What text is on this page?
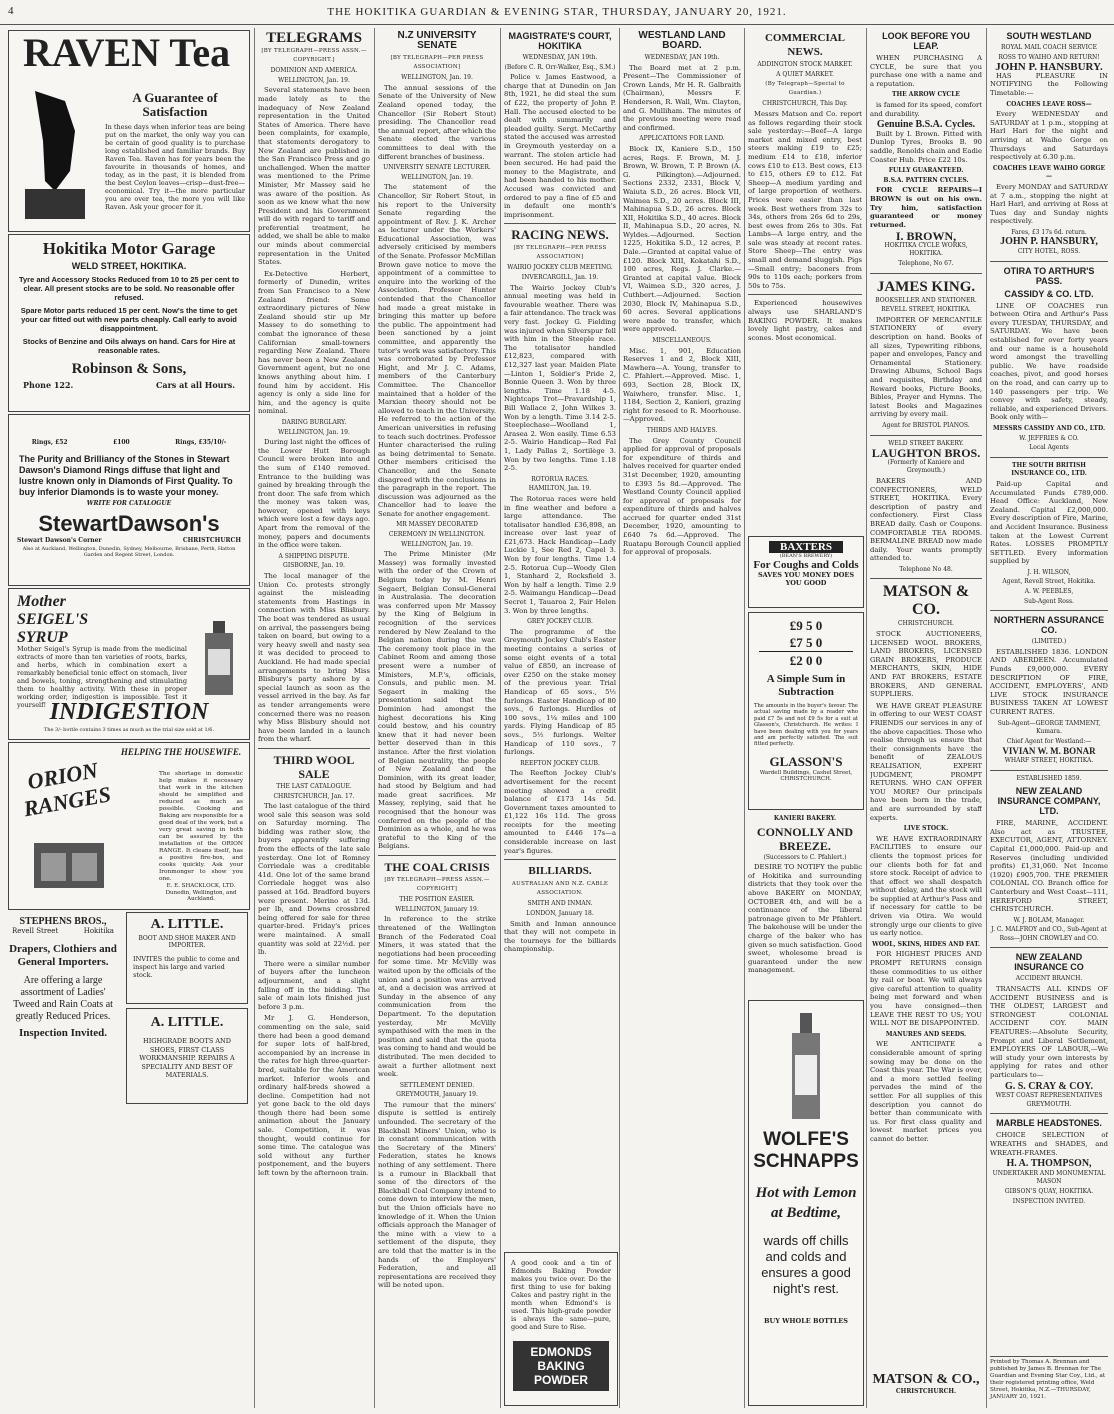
4	THE HOKITIKA GUARDIAN & EVENING STAR, THURSDAY, JANUARY 20, 1921.
RAVEN Tea
A Guarantee of Satisfaction
In these days when inferior teas are being put on the market, the only way you can be certain of good quality is to purchase long established and familiar brands. Buy Raven Tea. Raven has for years been the favourite in thousands of homes, and today, as in the past, it is blended from the best Ceylon leaves—crisp—dust-free—economical. Try it—the more particular you are over tea, the more you will like Raven. Ask your grocer for it.
Hokitika Motor Garage
WELD STREET, HOKITIKA.
Tyre and Accessory Stocks Reduced from 10 to 25 per cent to clear. All present stocks are to be sold. No reasonable offer refused.
Spare Motor parts reduced 15 per cent. Now's the time to get your car fitted out with new parts cheaply. Call early to avoid disappointment.
Stocks of Benzine and Oils always on hand. Cars for Hire at reasonable rates.
Robinson & Sons,
Phone 122.	Cars at all Hours.
Rings, £52	£100	Rings, £35/10/-
The Purity and Brilliancy of the Stones in Stewart Dawson's Diamond Rings diffuse that light and lustre known only in Diamonds of First Quality. To buy inferior Diamonds is to waste your money.
WRITE FOR CATALOGUE
StewartDawson's
Stewart Dawson's Corner	CHRISTCHURCH
Also at Auckland, Wellington, Dunedin, Sydney, Melbourne, Brisbane, Perth, Hatton Garden and Regent Street, London.
Mother SEIGEL'S SYRUP
Mother Seigel's Syrup is made from the medicinal extracts of more than ten varieties of roots, barks, and herbs, which in combination exert a remarkably beneficial tonic effect on stomach, liver and bowels, toning, strengthening and stimulating them to healthy activity. With these in proper working order, indigestion is impossible. Test it yourself! INDIGESTION
The 3/- bottle contains 3 times as much as the trial size sold at 1/6.
ORION RANGES
HELPING THE HOUSEWIFE.
The shortage in domestic help makes it necessary that work in the kitchen should be simplified and reduced as much as possible. Cooking and Baking are responsible for a good deal of the work, but a very great saving in both can be assured by the installation of the ORION RANGE. It cleans itself, has a positive fire-box, and cooks quickly. Ask your Ironmonger to show you one.
E. E. SHACKLOCK, LTD. Dunedin, Wellington, and Auckland.
STEPHENS BROS.,
Revell Street	Hokitika
Drapers, Clothiers and General Importers.
Are offering a large assortment of Ladies' Tweed and Rain Coats at greatly Reduced Prices.
Inspection Invited.
A. LITTLE.
BOOT AND SHOE MAKER AND IMPORTER.
INVITES the public to come and inspect his large and varied stock.
A. LITTLE.
HIGHGRADE BOOTS AND SHOES, FIRST CLASS WORKMANSHIP. REPAIRS A SPECIALITY AND BEST OF MATERIALS.
TELEGRAMS
[BY TELEGRAPH—PRESS ASSN.—COPYRIGHT.]
DOMINION AND AMERICA.
WELLINGTON, Jan. 19.

Several statements have been made lately as to the inadequacy of New Zealand representation in the United States of America. There have been complaints, for example, that statements derogatory to New Zealand are published in the San Francisco Press and go unchallenged. When the matter was mentioned to the Prime Minister, Mr Massey said he was aware of the position. As soon as we knew what the new President and his Government will do with regard to tariff and preferential treatment, he added, we shall be able to make our minds about commercial representation in the United States.

Ex-Detective Herbert, formerly of Dunedin, writes from San Francisco to a New Zealand friend: Some extraordinary pictures of New Zealand should stir up Mr Massey to do something to combat the ignorance of these Californian small-towners regarding New Zealand. There has never been a New Zealand Government agent, but no one knows anything about him. I found him by accident. His agency is only a side line for him, and the agency is quite nominal.

DARING BURGLARY.
WELLINGTON, Jan. 19.

During last night the offices of the Lower Hutt Borough Council were broken into and the sum of £140 removed. Entrance to the building was gained by breaking through the front door. The safe from which the money was taken was, however, opened with keys which were lost a few days ago. Apart from the removal of the money, papers and documents in the office were taken.

A SHIPPING DISPUTE.
GISBORNE, Jan. 19.

The local manager of the Union Co. protests strongly against the misleading statements from Hastings in connection with Miss Blisbury. The boat was tendered as usual on arrival, the passengers being taken on board, but owing to a very heavy swell and nasty sea it was decided to proceed to Auckland. He had made special arrangements to bring Miss Blisbury's party ashore by a special launch as soon as the vessel arrived in the bay. As far as tender arrangements were concerned there was no reason why Miss Blisbury should not have been landed in a launch from the wharf.

THIRD WOOL SALE
THE LAST CATALOGUE.
CHRISTCHURCH, Jan. 17.

The last catalogue of the third wool sale this season was sold on Saturday morning. The bidding was rather slow, the buyers apparently suffering from the effects of the late sale yesterday. One lot of Romney Corriedale was a creditable 41d. One lot of the same brand Corriedale hogget was also passed at 16d. Bradford buyers were present. Merino at 13d. per lb, and Downs crossbred being offered for sale for three quarter-bred. Friday's prices were maintained. A small quantity was sold at 22½d. per lb.

There were a similar number of buyers after the luncheon adjournment, and a slight falling off in the bidding. The sale of main lots finished just before 3 p.m.

Mr J. G. Henderson, commenting on the sale, said there had been a good demand for super lots of half-bred, accompanied by an increase in the rates for high three-quarter-bred, suitable for the American market. Inferior wools and ordinary half-breds showed a decline. Competition had not yet gone back to the old days though there had been some animation about the January sale. Competition, it was thought, would continue for some time. The catalogue was sold without any further postponement, and the buyers left town by the afternoon train.

N.Z UNIVERSITY SENATE
[BY TELEGRAPH—PER PRESS ASSOCIATION]
WELLINGTON, Jan. 19.

The annual sessions of the Senate of the University of New Zealand opened today, the Chancellor (Sir Robert Stout) presiding. The Chancellor read the annual report, after which the Senate elected the various committees to deal with the different branches of business.

UNIVERSITY SENATE LECTURER.
WELLINGTON, Jan. 19.

The statement of the Chancellor, Sir Robert Stout, in his report to the University Senate regarding the appointment of Rev. J. K. Archer as lecturer under the Workers' Educational Association, was adversely criticised by members of the Senate. Professor McMillan Brown gave notice to move the appointment of a committee to enquire into the working of the Association. Professor Hunter contended that the Chancellor had made a great mistake in bringing this matter up before the public. The appointment had been sanctioned by a joint committee, and apparently the tutor's work was satisfactory. This was corroborated by Professor Hight, and Mr J. C. Adams, members of the Canterbury Committee. The Chancellor maintained that a holder of the Marxian theory should not be allowed to teach in the University. He referred to the action of the American universities in refusing to teach such doctrines. Professor Hunter characterised the ruling as being detrimental to Senate. Other members criticised the Chancellor, and the Senate disagreed with the conclusions in the paragraph in the report. The discussion was adjourned as the Chancellor had to leave the Senate for another engagement.

MR MASSEY DECORATED
CEREMONY IN WELLINGTON.
WELLINGTON, Jan. 19.

The Prime Minister (Mr Massey) was formally invested with the order of the Crown of Belgium today by M. Henri Segaert, Belgian Consul-General in Australasia. The decoration was conferred upon Mr Massey by the King of Belgium in recognition of the services rendered by New Zealand to the Belgian nation during the war. The ceremony took place in the Cabinet Room and among those present were a number of Ministers, M.P.'s, officials, Consuls, and public men. M. Segaert in making the presentation said that the Dominion had amongst the highest decorations his King could bestow, and his country knew that it had never been better deserved than in this instance. After the first violation of Belgian neutrality, the people of New Zealand and the Dominion, with its great leader, had stood by Belgium and had made great sacrifices. Mr Massey, replying, said that he recognised that the honour was conferred on the people of the Dominion as a whole, and he was grateful to the King of the Belgians.

THE COAL CRISIS
[BY TELEGRAPH—PRESS ASSN.—COPYRIGHT]
THE POSITION EASIER.
WELLINGTON, January 19.

In reference to the strike threatened of the Wellington Branch of the Federated Coal Miners, it was stated that the negotiations had been proceeding for some time. Mr McVilly was waited upon by the officials of the union and a position was arrived at, and a decision was arrived at Sunday in the absence of any communication from the Department. To the deputation yesterday, Mr McVilly sympathised with the men in the position and said that the quota was coming to hand and would be distributed. The men decided to await a further allotment next week.

SETTLEMENT DENIED.
GREYMOUTH, January 19.

The rumour that the miners' dispute is settled is entirely unfounded. The secretary of the Blackball Miners' Union, who is in constant communication with the Secretary of the Miners' Federation, states he knows nothing of any settlement. There is a rumour in Blackball that some of the directors of the Blackball Coal Company intend to come down to interview the men, but the Union officials have no knowledge of it. When the Union officials approach the Manager of the mine with a view to a settlement of the dispute, they are told that the matter is in the hands of the Employers' Federation, and all representations are received they will be noted upon.

MAGISTRATE'S COURT, HOKITIKA
WEDNESDAY, JAN 19th.
(Before C. R. Orr-Walker, Esq., S.M.)

Police v. James Eastwood, a charge that at Dunedin on Jan 8th, 1921, he did steal the sum of £22, the property of John P. Hall. The accused elected to be dealt with summarily and pleaded guilty. Sergt. McCarthy stated the accused was arrested in Greymouth yesterday on a warrant. The stolen article had been secured. He had paid the money to the Magistrate, and had been handed to his mother. Accused was convicted and ordered to pay a fine of £5 and in default one month's imprisonment.

RACING NEWS.
[BY TELEGRAPH—PER PRESS ASSOCIATION]
WAIRIO JOCKEY CLUB MEETING.
INVERCARGILL, Jan. 19.

The Wairio Jockey Club's annual meeting was held in favourable weather. There was a fair attendance. The track was very fast. Jockey G. Fielding was injured when Silverspur fell with him in the Steeple race. The totalisator handled £12,823, compared with £12,327 last year. Maiden Plate—Linton 1, Soldier's Pride 2, Bonnie Queen 3. Won by three lengths. Time 1.18 4-5. Nightcaps Trot—Pravardship 1, Bill Wallace 2, John Wilkes 3. Won by a length. Time 3.14 2-5. Steeplechase—Woolland 1, Arasea 2. Won easily. Time 6.53 2-5. Wairio Handicap—Red Fal 1, Lady Pallas 2, Sortilège 3. Won by two lengths. Time 1.18 2-5.

ROTORUA RACES.
HAMILTON, Jan. 19.

The Rotorua races were held in fine weather and before a large attendance. The totalisator handled £36,898, an increase over last year of £21,673. Hack Handicap—Lady Luckie 1, See Red 2, Capel 3. Won by four lengths. Time 1.4 2-5. Rotorua Cup—Woody Glen 1, Stanhard 2, Rocksfield 3. Won by half a length. Time 2.9 2-5. Waimangu Handicap—Dead Secret 1, Tauaroa 2, Fair Helen 3. Won by three lengths.

GREY JOCKEY CLUB.

The programme of the Greymouth Jockey Club's Easter meeting contains a series of some eight events of a total value of £850, an increase of over £250 on the stake money of the previous year. Trial Handicap of 65 sovs., 5½ furlongs. Easter Handicap of 80 sovs., 6 furlongs. Hurdles of 100 sovs., 1¼ miles and 100 yards. Flying Handicap of 85 sovs., 5½ furlongs. Welter Handicap of 110 sovs., 7 furlongs.

REEFTON JOCKEY CLUB.

The Reefton Jockey Club's advertisement for the recent meeting showed a credit balance of £173 14s 5d. Government taxes amounted to £1,122 16s 11d. The gross receipts for the meeting amounted to £446 17s—a considerable increase on last year's figures.

BILLIARDS.
AUSTRALIAN AND N.Z. CABLE ASSOCIATION.
SMITH AND INMAN.
LONDON, January 18.

Smith and Inman announce that they will not compete in the tourneys for the billiards championship.

A good cook and a tin of Edmonds Baking Powder makes you twice over. Do the first thing to use for baking Cakes and pastry right in the month when Edmond's is used. This high-grade powder is always the same—pure, good and Sure to Rise.
EDMONDS BAKING POWDER
WESTLAND LAND BOARD.
WEDNESDAY, JAN 19th.

The Board met at 2 p.m. Present—The Commissioner of Crown Lands, Mr H. R. Galbraith (Chairman), Messrs F. Henderson, R. Wall, Wm. Clayton, and G. Mulliham. The minutes of the previous meeting were read and confirmed.

APPLICATIONS FOR LAND.

Block IX, Kaniere S.D., 150 acres, Regs. F. Brown, M. J. Brown, W. Brown, T. P. Brown (A. G. Pilkington).—Adjourned. Sections 2332, 2331, Block V, Waiuta S.D., 26 acres. Block VII, Waimea S.D., 20 acres. Block III, Mahinapua S.D., 26 acres. Block XII, Hokitika S.D., 40 acres. Block II, Mahinapua S.D., 20 acres, N. Wyldes.—Adjourned. Section 1225, Hokitika S.D., 12 acres, P. Dale.—Granted at capital value of £120. Block XIII, Kokatahi S.D., 100 acres, Regs. J. Clarke.—Granted at capital value. Block VI, Waimea S.D., 320 acres, J. Cuthbert.—Adjourned. Section 2030, Block IV, Mahinapua S.D., 60 acres. Several applications were made to transfer, which were approved.

MISCELLANEOUS.

Misc. 1, 901, Education Reserves 1 and 2, Block XIII, Mawhera—A. Young, transfer to C. Pfahlert.—Approved. Misc. 1, 693, Section 28, Block IX, Waiwhero, transfer. Misc. 1, 1184, Section 2, Kanieri, grazing right for reseed to R. Moorhouse.—Approved.

THIRDS AND HALVES.

The Grey County Council applied for approval of proposals for expenditure of thirds and halves received for quarter ended 31st December, 1920, amounting to £393 5s 8d.—Approved. The Westland County Council applied for approval of proposals for expenditure of thirds and halves accrued for quarter ended 31st December, 1920, amounting to £640 7s 6d.—Approved. The Ruatapu Borough Council applied for approval of proposals.

COMMERCIAL NEWS.
ADDINGTON STOCK MARKET.
A QUIET MARKET.
(By Telegraph—Special to Guardian.)
CHRISTCHURCH, This Day.

Messrs Matson and Co. report as follows regarding their stock sale yesterday:—Beef—A large market and mixed entry, best steers making £19 to £25; medium £14 to £18, inferior cows £10 to £13. Best cows, £13 to £15, others £9 to £12. Fat Sheep—A medium yarding and of large proportion of wethers. Prices were easier than last week. Best wethers from 32s to 34s, others from 26s 6d to 29s, best ewes from 26s to 30s. Fat Lambs—A large entry, and the sale was steady at recent rates. Store Sheep—The entry was small and demand sluggish. Pigs—Small entry; baconers from 90s to 110s each; porkers from 50s to 75s.

Experienced housewives always use SHARLAND'S BAKING POWDER. It makes lovely light pastry, cakes and scones. Most economical.

BAXTERS
(BEAN'S BREWERY)
For Coughs and Colds
SAVES YOU MONEY DOES YOU GOOD
£9 5 0
£7 5 0
£2 0 0
A Simple Sum in Subtraction
The amounts in the buyer's favour. The actual saving made by a reader who paid £7 5s and not £9 5s for a suit at Glasson's, Christchurch. He writes: I have been dealing with you for years and am perfectly satisfied. The suit fitted perfectly.
GLASSON'S
Wardell Buildings, Cashel Street, CHRISTCHURCH.
KANIERI BAKERY.
CONNOLLY AND BREEZE.
(Successors to C. Pfahlert.)

DESIRE TO NOTIFY the public of Hokitika and surrounding districts that they took over the above BAKERY on MONDAY, OCTOBER 4th, and will be a continuance of the liberal patronage given to Mr Pfahlert. The bakehouse will be under the charge of the baker who has given so much satisfaction. Good sweet, wholesome bread is guaranteed under the new management.

WOLFE'S SCHNAPPS
Hot with Lemon at Bedtime,
wards off chills and colds and ensures a good night's rest.
BUY WHOLE BOTTLES
LOOK BEFORE YOU LEAP.

WHEN PURCHASING A CYCLE, be sure that you purchase one with a name and a reputation.

THE ARROW CYCLE

is famed for its speed, comfort and durability.

Genuine B.S.A. Cycles.

Built by I. Brown. Fitted with Dunlop Tyres, Brooks B. 90 saddle, Renolds chain and Eadie Coaster Hub. Price £22 10s.

FULLY GUARANTEED.
B.S.A. PATTERN CYCLES.

FOR CYCLE REPAIRS—I BROWN is out on his own. Try him, satisfaction guaranteed or money returned.

I. BROWN,
HOKITIKA CYCLE WORKS, HOKITIKA.
Telephone, No 67.
JAMES KING.
BOOKSELLER AND STATIONER.
REVELL STREET, HOKITIKA.

IMPORTER OF MERCANTILE STATIONERY of every description on hand. Books of all sizes, Typewriting ribbons, paper and envelopes, Fancy and Ornamental Stationery. Drawing Albums, School Bags and requisites, Birthday and Reward books, Picture Books, Bibles, Prayer and Hymns. The latest Books and Magazines arriving by every mail.

Agent for BRISTOL PIANOS.
WELD STREET BAKERY.
LAUGHTON BROS.
(Formerly of Kaniere and Greymouth.)

BAKERS AND CONFECTIONERS, WELD STREET, HOKITIKA. Every description of pastry and confectionery. First Class BREAD daily. Cash or Coupons. COMFORTABLE TEA ROOMS. BERMALINE BREAD now made daily. Your wants promptly attended to.

Telephone No 48.
MATSON & CO.
CHRISTCHURCH.

STOCK AUCTIONEERS, LICENSED WOOL BROKERS, LAND BROKERS, LICENSED GRAIN BROKERS, PRODUCE MERCHANTS, SKIN, HIDE AND FAT BROKERS, ESTATE BROKERS, AND GENERAL SUPPLIERS.

WE HAVE GREAT PLEASURE in offering to our WEST COAST FRIENDS our services in any of the above capacities. Those who realise through us ensure that their consignments have the benefit of ZEALOUS REALISATION, EXPERT JUDGMENT, PROMPT RETURNS. WHO CAN OFFER YOU MORE? Our principals have been born in the trade, and are surrounded by staff experts.

LIVE STOCK.

WE HAVE EXTRAORDINARY FACILITIES to ensure our clients the topmost prices for our clients both for fat and store stock. Receipt of advice to that effect we shall despatch without delay, and the stock will be supplied at Arthur's Pass and if necessary for cattle to be driven via Otira. We would strongly urge our clients to give us early notice.

WOOL, SKINS, HIDES AND FAT.

FOR HIGHEST PRICES AND PROMPT RETURNS consign these commodities to us either by rail or boat. We will always give careful attention to quality being met forward and when you have consigned—then LEAVE THE REST TO US; YOU WILL NOT BE DISAPPOINTED.

MANURES AND SEEDS.

WE ANTICIPATE a considerable amount of spring sowing may be done on the Coast this year. The War is over, and a more settled feeling pervades the mind of the settler. For all supplies of this description you cannot do better than communicate with us. For first class quality and lowest market prices you cannot do better.

MATSON & CO.,
CHRISTCHURCH.
SOUTH WESTLAND
ROYAL MAIL COACH SERVICE
ROSS TO WAIHO AND RETURN!
JOHN P. HANSBURY.

HAS PLEASURE IN NOTIFYING the Following Timetable:—

COACHES LEAVE ROSS—

Every WEDNESDAY and SATURDAY at 1 p.m., stopping at Harl Hari for the night and arriving at Waiho Gorge on Thursdays and Saturdays respectively at 6.30 p.m.

COACHES LEAVE WAIHO GORGE—

Every MONDAY and SATURDAY at 7 a.m., stopping the night at Harl Harl, and arriving at Ross at Tues day and Sunday nights respectively.

Fares, £3 17s 6d. return.
JOHN P. HANSBURY,
CITY HOTEL, ROSS.
OTIRA TO ARTHUR'S PASS.
CASSIDY & CO. LTD.

LINE OF COACHES run between Otira and Arthur's Pass every TUESDAY, THURSDAY, and SATURDAY. We have been established for over forty years and our name is a household word amongst the travelling public. We have roadside coaches, pivot, and good horses on the road, and can carry up to 140 passengers per trip. We convey with safety, steady, reliable, and experienced Drivers. Book only with—

MESSRS CASSIDY AND CO., LTD.
W. JEFFRIES & CO.
Local Agents
THE SOUTH BRITISH INSURANCE CO., LTD.

Paid-up Capital and Accumulated Funds £789,000. Head Office: Auckland, New Zealand. Capital £2,000,000. Every description of Fire, Marine, and Accident Insurance. Business taken at the Lowest Current Rates. LOSSES PROMPTLY SETTLED. Every information supplied by

J. H. WILSON,
Agent, Revell Street, Hokitika.
A. W. PEEBLES,
Sub-Agent Ross.
NORTHERN ASSURANCE CO.
(LIMITED.)

ESTABLISHED 1836. LONDON AND ABERDEEN. Accumulated Funds £9,000,000. EVERY DESCRIPTION OF FIRE, ACCIDENT, EMPLOYERS', AND LIVE STOCK INSURANCE BUSINESS TAKEN AT LOWEST CURRENT RATES.

Sub-Agent—GEORGE TAMMENT, Kumara.
Chief Agent for Westland:—
VIVIAN W. M. BONAR
WHARF STREET, HOKITIKA.
ESTABLISHED 1859.
NEW ZEALAND INSURANCE COMPANY, LTD.

FIRE, MARINE, ACCIDENT. Also act as TRUSTEE, EXECUTOR, AGENT, ATTORNEY. Capital £1,000,000. Paid-up and Reserves (including undivided profits) £1,31,060. Net Income (1920) £905,700. THE PREMIER COLONIAL CO. Branch office for Canterbury and West Coast—111, HEREFORD STREET, CHRISTCHURCH.

W. J. BOLAM, Manager.
J. C. MALFROY and CO., Sub-Agent at Ross—JOHN CROWLEY and CO.
NEW ZEALAND INSURANCE CO
ACCIDENT BRANCH.

TRANSACTS ALL KINDS OF ACCIDENT BUSINESS and is THE OLDEST, LARGEST and STRONGEST COLONIAL ACCIDENT COY. MAIN FEATURES:—Absolute Security, Prompt and Liberal Settlement, EMPLOYERS OF LABOUR,—We will study your own interests by applying for rates and other particulars to—

G. S. CRAY & COY.
WEST COAST REPRESENTATIVES GREYMOUTH.
MARBLE HEADSTONES.

CHOICE SELECTION of WREATHS and SHADES, and WREATH-FRAMES.

H. A. THOMPSON,
UNDERTAKER AND MONUMENTAL MASON
GIBSON'S QUAY, HOKITIKA.
INSPECTION INVITED.
Printed by Thomas A. Brennan and published by James B. Brennan for The Guardian and Evening Star Coy., Ltd., at their registered printing office, Weld Street, Hokitika, N.Z.—THURSDAY, JANUARY 20, 1921.
